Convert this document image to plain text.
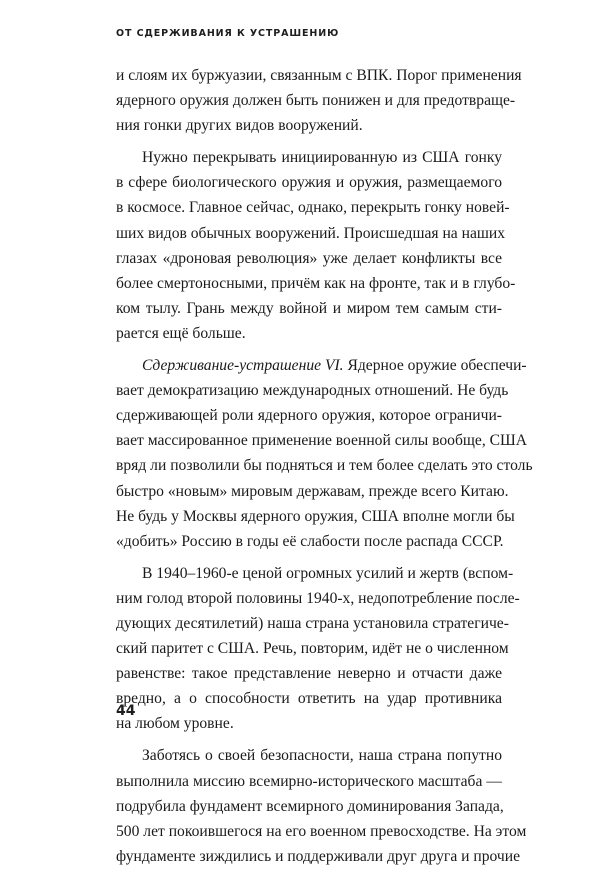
ОТ СДЕРЖИВАНИЯ К УСТРАШЕНИЮ
и слоям их буржуазии, связанным с ВПК. Порог применения
ядерного оружия должен быть понижен и для предотвраще-
ния гонки других видов вооружений.
Нужно перекрывать инициированную из США гонку
в сфере биологического оружия и оружия, размещаемого
в космосе. Главное сейчас, однако, перекрыть гонку новей-
ших видов обычных вооружений. Происшедшая на наших
глазах «дроновая революция» уже делает конфликты все
более смертоносными, причём как на фронте, так и в глубо-
ком тылу. Грань между войной и миром тем самым сти-
рается ещё больше.
Сдерживание-устрашение VI. Ядерное оружие обеспечи-
вает демократизацию международных отношений. Не будь
сдерживающей роли ядерного оружия, которое ограничи-
вает массированное применение военной силы вообще, США
вряд ли позволили бы подняться и тем более сделать это столь
быстро «новым» мировым державам, прежде всего Китаю.
Не будь у Москвы ядерного оружия, США вполне могли бы
«добить» Россию в годы её слабости после распада СССР.
В 1940–1960-е ценой огромных усилий и жертв (вспом-
ним голод второй половины 1940-х, недопотребление после-
дующих десятилетий) наша страна установила стратегиче-
ский паритет с США. Речь, повторим, идёт не о численном
равенстве: такое представление неверно и отчасти даже
вредно, а о способности ответить на удар противника
на любом уровне.
Заботясь о своей безопасности, наша страна попутно
выполнила миссию всемирно-исторического масштаба —
подрубила фундамент всемирного доминирования Запада,
500 лет покоившегося на его военном превосходстве. На этом
фундаменте зиждились и поддерживали друг друга и прочие
44
